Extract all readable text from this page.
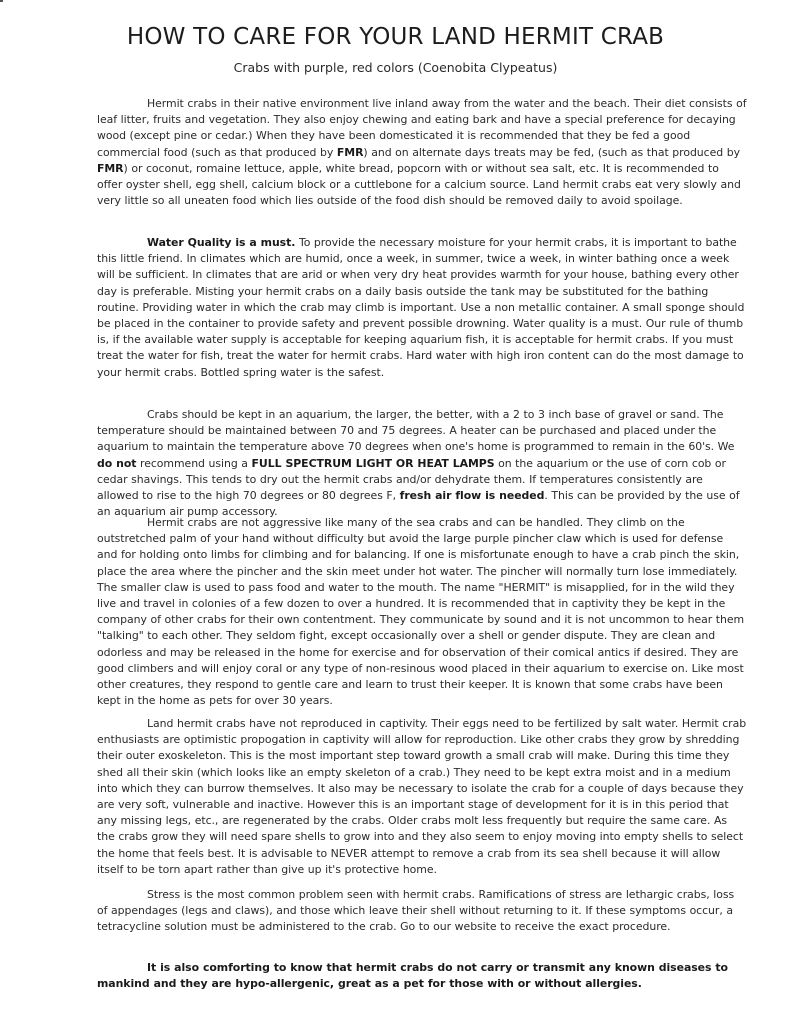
HOW TO CARE FOR YOUR LAND HERMIT CRAB

Crabs with purple, red colors (Coenobita Clypeatus)

Hermit crabs in their native environment live inland away from the water and the beach. Their diet consists of leaf litter, fruits and vegetation. They also enjoy chewing and eating bark and have a special preference for decaying wood (except pine or cedar.) When they have been domesticated it is recommended that they be fed a good commercial food (such as that produced by FMR) and on alternate days treats may be fed, (such as that produced by FMR) or coconut, romaine lettuce, apple, white bread, popcorn with or without sea salt, etc. It is recommended to offer oyster shell, egg shell, calcium block or a cuttlebone for a calcium source. Land hermit crabs eat very slowly and very little so all uneaten food which lies outside of the food dish should be removed daily to avoid spoilage.

Water Quality is a must. To provide the necessary moisture for your hermit crabs, it is important to bathe this little friend. In climates which are humid, once a week, in summer, twice a week, in winter bathing once a week will be sufficient. In climates that are arid or when very dry heat provides warmth for your house, bathing every other day is preferable. Misting your hermit crabs on a daily basis outside the tank may be substituted for the bathing routine. Providing water in which the crab may climb is important. Use a non metallic container. A small sponge should be placed in the container to provide safety and prevent possible drowning. Water quality is a must. Our rule of thumb is, if the available water supply is acceptable for keeping aquarium fish, it is acceptable for hermit crabs. If you must treat the water for fish, treat the water for hermit crabs. Hard water with high iron content can do the most damage to your hermit crabs. Bottled spring water is the safest.

Crabs should be kept in an aquarium, the larger, the better, with a 2 to 3 inch base of gravel or sand. The temperature should be maintained between 70 and 75 degrees. A heater can be purchased and placed under the aquarium to maintain the temperature above 70 degrees when one's home is programmed to remain in the 60's. We do not recommend using a FULL SPECTRUM LIGHT OR HEAT LAMPS on the aquarium or the use of corn cob or cedar shavings. This tends to dry out the hermit crabs and/or dehydrate them. If temperatures consistently are allowed to rise to the high 70 degrees or 80 degrees F, fresh air flow is needed. This can be provided by the use of an aquarium air pump accessory.

Hermit crabs are not aggressive like many of the sea crabs and can be handled. They climb on the outstretched palm of your hand without difficulty but avoid the large purple pincher claw which is used for defense and for holding onto limbs for climbing and for balancing. If one is misfortunate enough to have a crab pinch the skin, place the area where the pincher and the skin meet under hot water. The pincher will normally turn lose immediately. The smaller claw is used to pass food and water to the mouth. The name "HERMIT" is misapplied, for in the wild they live and travel in colonies of a few dozen to over a hundred. It is recommended that in captivity they be kept in the company of other crabs for their own contentment. They communicate by sound and it is not uncommon to hear them "talking" to each other. They seldom fight, except occasionally over a shell or gender dispute. They are clean and odorless and may be released in the home for exercise and for observation of their comical antics if desired. They are good climbers and will enjoy coral or any type of non-resinous wood placed in their aquarium to exercise on. Like most other creatures, they respond to gentle care and learn to trust their keeper. It is known that some crabs have been kept in the home as pets for over 30 years.

Land hermit crabs have not reproduced in captivity. Their eggs need to be fertilized by salt water. Hermit crab enthusiasts are optimistic propogation in captivity will allow for reproduction. Like other crabs they grow by shredding their outer exoskeleton. This is the most important step toward growth a small crab will make. During this time they shed all their skin (which looks like an empty skeleton of a crab.) They need to be kept extra moist and in a medium into which they can burrow themselves. It also may be necessary to isolate the crab for a couple of days because they are very soft, vulnerable and inactive. However this is an important stage of development for it is in this period that any missing legs, etc., are regenerated by the crabs. Older crabs molt less frequently but require the same care. As the crabs grow they will need spare shells to grow into and they also seem to enjoy moving into empty shells to select the home that feels best. It is advisable to NEVER attempt to remove a crab from its sea shell because it will allow itself to be torn apart rather than give up it's protective home.

Stress is the most common problem seen with hermit crabs. Ramifications of stress are lethargic crabs, loss of appendages (legs and claws), and those which leave their shell without returning to it. If these symptoms occur, a tetracycline solution must be administered to the crab. Go to our website to receive the exact procedure.

It is also comforting to know that hermit crabs do not carry or transmit any known diseases to mankind and they are hypo-allergenic, great as a pet for those with or without allergies.
